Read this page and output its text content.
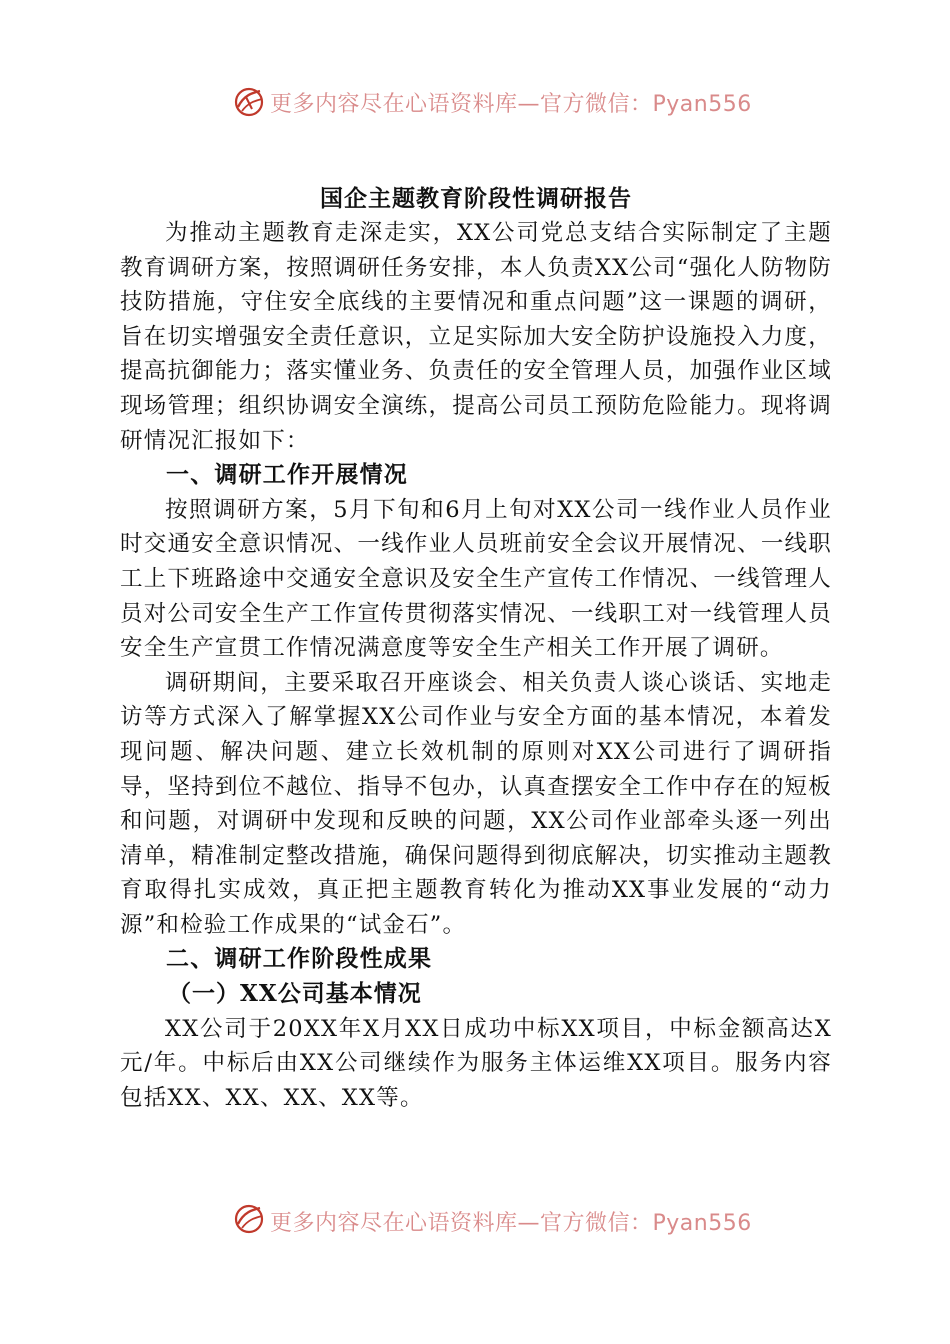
更多内容尽在心语资料库—官方微信：Pyan556
国企主题教育阶段性调研报告

为推动主题教育走深走实，XX公司党总支结合实际制定了主题教育调研方案，按照调研任务安排，本人负责XX公司“强化人防物防技防措施，守住安全底线的主要情况和重点问题”这一课题的调研，旨在切实增强安全责任意识，立足实际加大安全防护设施投入力度，提高抗御能力；落实懂业务、负责任的安全管理人员，加强作业区域现场管理；组织协调安全演练，提高公司员工预防危险能力。现将调研情况汇报如下：

一、调研工作开展情况

按照调研方案，5月下旬和6月上旬对XX公司一线作业人员作业时交通安全意识情况、一线作业人员班前安全会议开展情况、一线职工上下班路途中交通安全意识及安全生产宣传工作情况、一线管理人员对公司安全生产工作宣传贯彻落实情况、一线职工对一线管理人员安全生产宣贯工作情况满意度等安全生产相关工作开展了调研。

调研期间，主要采取召开座谈会、相关负责人谈心谈话、实地走访等方式深入了解掌握XX公司作业与安全方面的基本情况，本着发现问题、解决问题、建立长效机制的原则对XX公司进行了调研指导，坚持到位不越位、指导不包办，认真查摆安全工作中存在的短板和问题，对调研中发现和反映的问题，XX公司作业部牵头逐一列出清单，精准制定整改措施，确保问题得到彻底解决，切实推动主题教育取得扎实成效，真正把主题教育转化为推动XX事业发展的“动力源”和检验工作成果的“试金石”。

二、调研工作阶段性成果

（一）XX公司基本情况

XX公司于20XX年X月XX日成功中标XX项目，中标金额高达X元/年。中标后由XX公司继续作为服务主体运维XX项目。服务内容包括XX、XX、XX、XX等。

更多内容尽在心语资料库—官方微信：Pyan556
